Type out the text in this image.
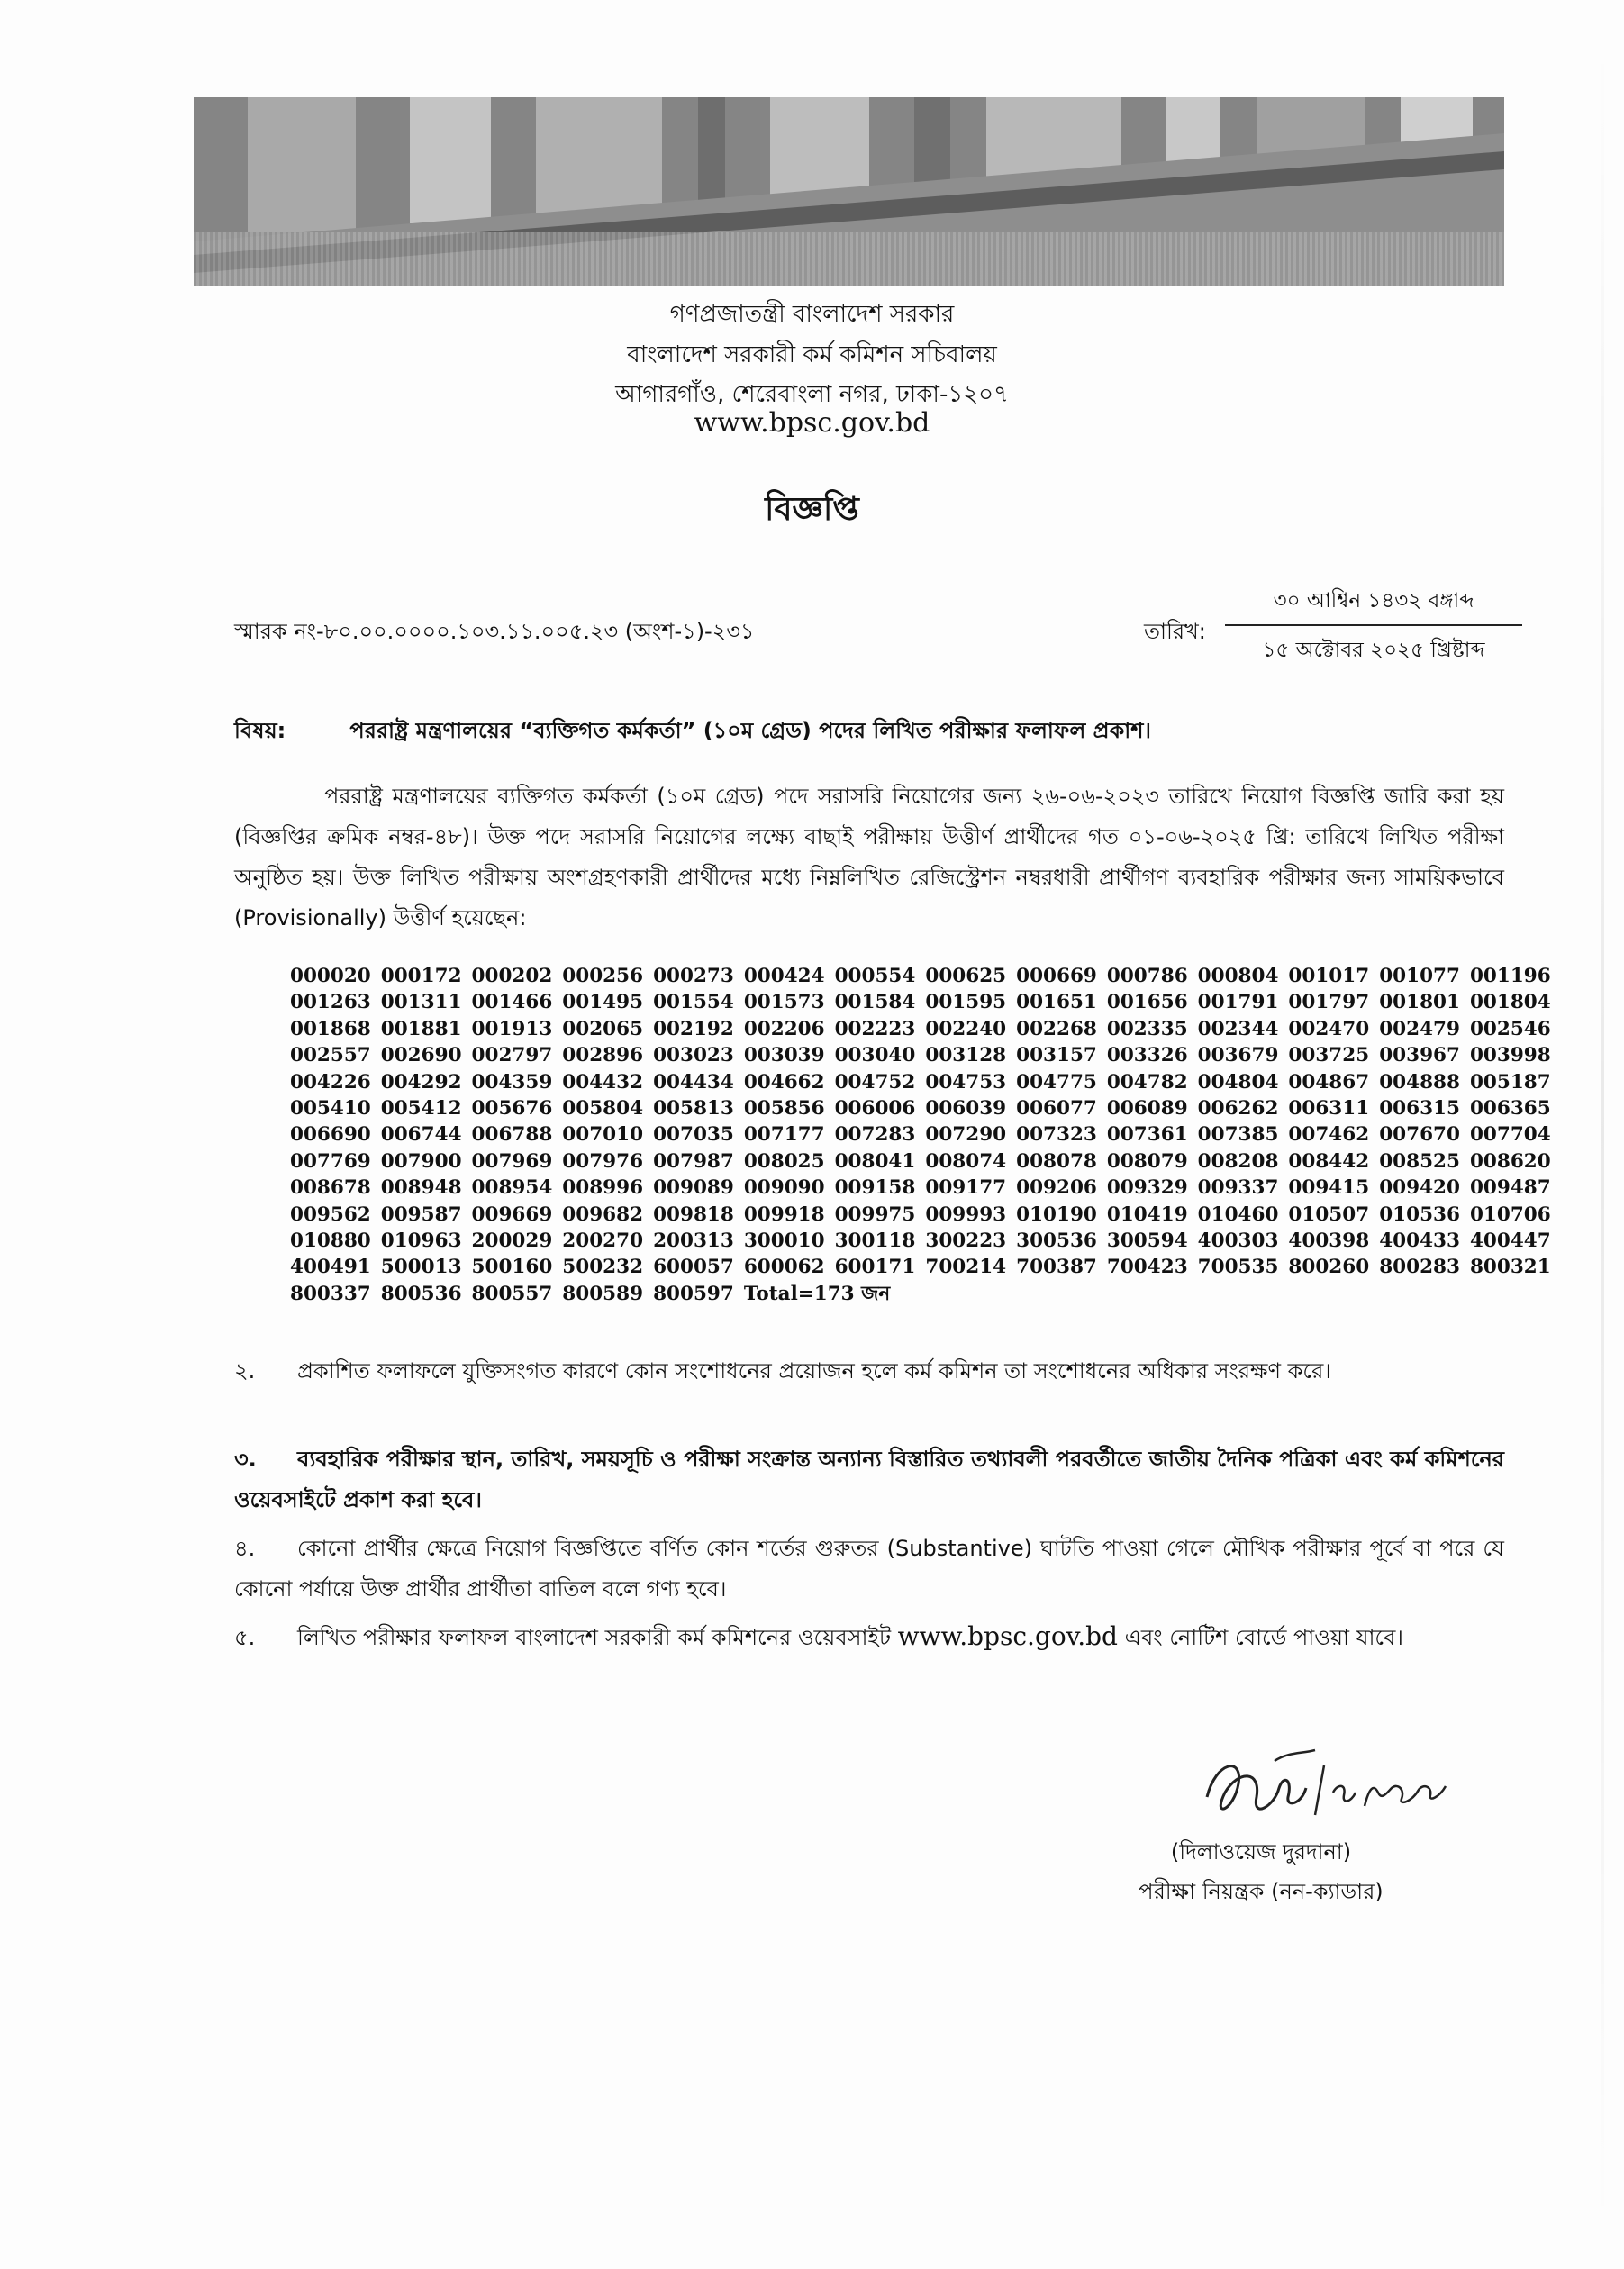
গণপ্রজাতন্ত্রী বাংলাদেশ সরকার
বাংলাদেশ সরকারী কর্ম কমিশন সচিবালয়
আগারগাঁও, শেরেবাংলা নগর, ঢাকা-১২০৭
www.bpsc.gov.bd
বিজ্ঞপ্তি
স্মারক নং-৮০.০০.০০০০.১০৩.১১.০০৫.২৩ (অংশ-১)-২৩১	তারিখ:
৩০ আশ্বিন ১৪৩২ বঙ্গাব্দ
১৫ অক্টোবর ২০২৫ খ্রিষ্টাব্দ
বিষয়:	পররাষ্ট্র মন্ত্রণালয়ের “ব্যক্তিগত কর্মকর্তা” (১০ম গ্রেড) পদের লিখিত পরীক্ষার ফলাফল প্রকাশ।
পররাষ্ট্র মন্ত্রণালয়ের ব্যক্তিগত কর্মকর্তা (১০ম গ্রেড) পদে সরাসরি নিয়োগের জন্য ২৬-০৬-২০২৩ তারিখে নিয়োগ বিজ্ঞপ্তি জারি করা হয় (বিজ্ঞপ্তির ক্রমিক নম্বর-৪৮)। উক্ত পদে সরাসরি নিয়োগের লক্ষ্যে বাছাই পরীক্ষায় উত্তীর্ণ প্রার্থীদের গত ০১-০৬-২০২৫ খ্রি: তারিখে লিখিত পরীক্ষা অনুষ্ঠিত হয়। উক্ত লিখিত পরীক্ষায় অংশগ্রহণকারী প্রার্থীদের মধ্যে নিম্নলিখিত রেজিস্ট্রেশন নম্বরধারী প্রার্থীগণ ব্যবহারিক পরীক্ষার জন্য সাময়িকভাবে (Provisionally) উত্তীর্ণ হয়েছেন:
000020 000172 000202 000256 000273 000424 000554 000625 000669 000786 000804 001017 001077 001196
001263 001311 001466 001495 001554 001573 001584 001595 001651 001656 001791 001797 001801 001804
001868 001881 001913 002065 002192 002206 002223 002240 002268 002335 002344 002470 002479 002546
002557 002690 002797 002896 003023 003039 003040 003128 003157 003326 003679 003725 003967 003998
004226 004292 004359 004432 004434 004662 004752 004753 004775 004782 004804 004867 004888 005187
005410 005412 005676 005804 005813 005856 006006 006039 006077 006089 006262 006311 006315 006365
006690 006744 006788 007010 007035 007177 007283 007290 007323 007361 007385 007462 007670 007704
007769 007900 007969 007976 007987 008025 008041 008074 008078 008079 008208 008442 008525 008620
008678 008948 008954 008996 009089 009090 009158 009177 009206 009329 009337 009415 009420 009487
009562 009587 009669 009682 009818 009918 009975 009993 010190 010419 010460 010507 010536 010706
010880 010963 200029 200270 200313 300010 300118 300223 300536 300594 400303 400398 400433 400447
400491 500013 500160 500232 600057 600062 600171 700214 700387 700423 700535 800260 800283 800321
800337 800536 800557 800589 800597 Total=173 জন
২. প্রকাশিত ফলাফলে যুক্তিসংগত কারণে কোন সংশোধনের প্রয়োজন হলে কর্ম কমিশন তা সংশোধনের অধিকার সংরক্ষণ করে।
৩. ব্যবহারিক পরীক্ষার স্থান, তারিখ, সময়সূচি ও পরীক্ষা সংক্রান্ত অন্যান্য বিস্তারিত তথ্যাবলী পরবর্তীতে জাতীয় দৈনিক পত্রিকা এবং কর্ম কমিশনের ওয়েবসাইটে প্রকাশ করা হবে।
৪. কোনো প্রার্থীর ক্ষেত্রে নিয়োগ বিজ্ঞপ্তিতে বর্ণিত কোন শর্তের গুরুতর (Substantive) ঘাটতি পাওয়া গেলে মৌখিক পরীক্ষার পূর্বে বা পরে যে কোনো পর্যায়ে উক্ত প্রার্থীর প্রার্থীতা বাতিল বলে গণ্য হবে।
৫. লিখিত পরীক্ষার ফলাফল বাংলাদেশ সরকারী কর্ম কমিশনের ওয়েবসাইট www.bpsc.gov.bd এবং নোটিশ বোর্ডে পাওয়া যাবে।
(দিলাওয়েজ দুরদানা)
পরীক্ষা নিয়ন্ত্রক (নন-ক্যাডার)
